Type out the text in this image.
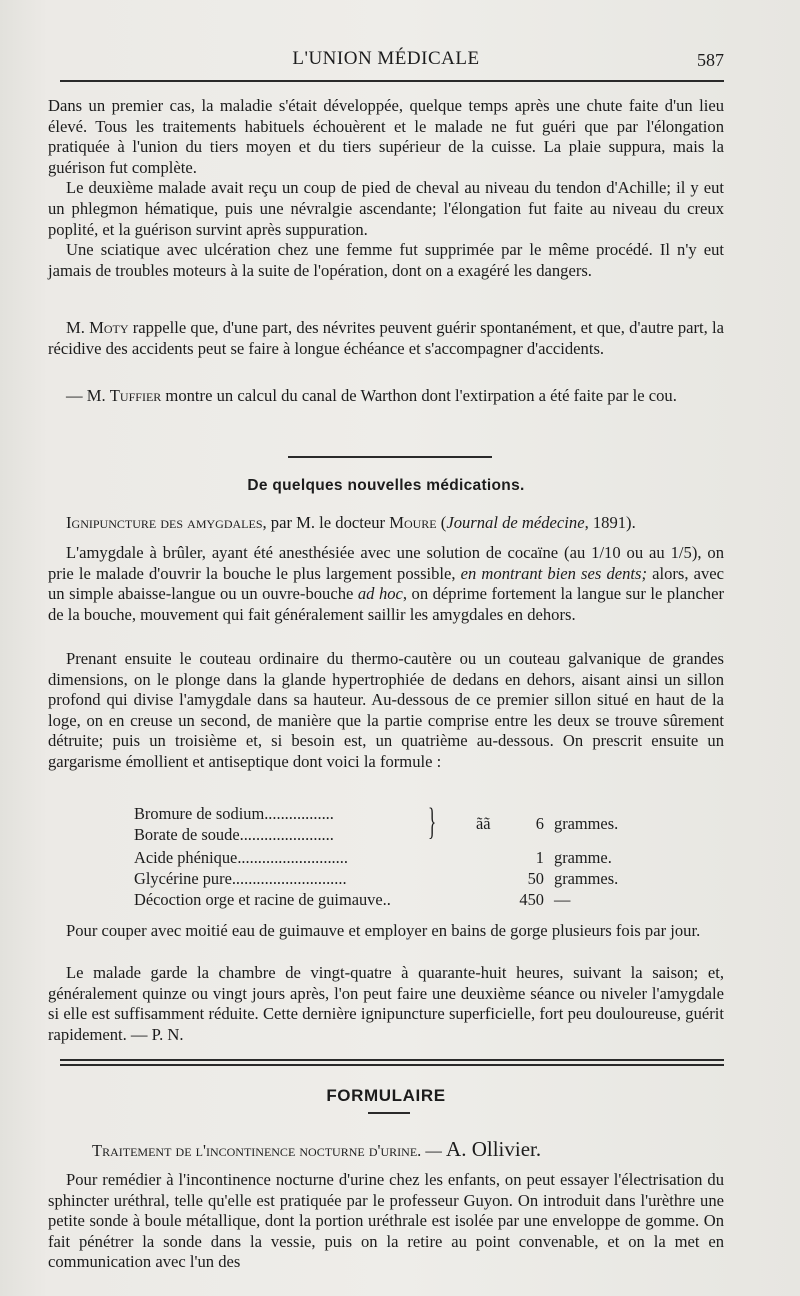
L'UNION MÉDICALE	587

Dans un premier cas, la maladie s'était développée, quelque temps après une chute faite d'un lieu élevé. Tous les traitements habituels échouèrent et le malade ne fut guéri que par l'élongation pratiquée à l'union du tiers moyen et du tiers supérieur de la cuisse. La plaie suppura, mais la guérison fut complète.

Le deuxième malade avait reçu un coup de pied de cheval au niveau du tendon d'Achille; il y eut un phlegmon hématique, puis une névralgie ascendante; l'élongation fut faite au niveau du creux poplité, et la guérison survint après suppuration.

Une sciatique avec ulcération chez une femme fut supprimée par le même procédé. Il n'y eut jamais de troubles moteurs à la suite de l'opération, dont on a exagéré les dangers.

M. Moty rappelle que, d'une part, des névrites peuvent guérir spontanément, et que, d'autre part, la récidive des accidents peut se faire à longue échéance et s'accompagner d'accidents.

— M. Tuffier montre un calcul du canal de Warthon dont l'extirpation a été faite par le cou.

De quelques nouvelles médications.

Ignipuncture des amygdales, par M. le docteur Moure (Journal de médecine, 1891).

L'amygdale à brûler, ayant été anesthésiée avec une solution de cocaïne (au 1/10 ou au 1/5), on prie le malade d'ouvrir la bouche le plus largement possible, en montrant bien ses dents; alors, avec un simple abaisse-langue ou un ouvre-bouche ad hoc, on déprime fortement la langue sur le plancher de la bouche, mouvement qui fait généralement saillir les amygdales en dehors.

Prenant ensuite le couteau ordinaire du thermo-cautère ou un couteau galvanique de grandes dimensions, on le plonge dans la glande hypertrophiée de dedans en dehors, aisant ainsi un sillon profond qui divise l'amygdale dans sa hauteur. Au-dessous de ce premier sillon situé en haut de la loge, on en creuse un second, de manière que la partie comprise entre les deux se trouve sûrement détruite; puis un troisième et, si besoin est, un quatrième au-dessous. On prescrit ensuite un gargarisme émollient et antiseptique dont voici la formule :

Bromure de sodium.................
Borate de soude....................... } ãã	6 grammes.
Acide phénique...........................	1 gramme.
Glycérine pure............................	50 grammes.
Décoction orge et racine de guimauve..	450 —

Pour couper avec moitié eau de guimauve et employer en bains de gorge plusieurs fois par jour.

Le malade garde la chambre de vingt-quatre à quarante-huit heures, suivant la saison; et, généralement quinze ou vingt jours après, l'on peut faire une deuxième séance ou niveler l'amygdale si elle est suffisamment réduite. Cette dernière ignipuncture superficielle, fort peu douloureuse, guérit rapidement. — P. N.

FORMULAIRE
Traitement de l'incontinence nocturne d'urine. — A. Ollivier.

Pour remédier à l'incontinence nocturne d'urine chez les enfants, on peut essayer l'électrisation du sphincter uréthral, telle qu'elle est pratiquée par le professeur Guyon. On introduit dans l'urèthre une petite sonde à boule métallique, dont la portion uréthrale est isolée par une enveloppe de gomme. On fait pénétrer la sonde dans la vessie, puis on la retire au point convenable, et on la met en communication avec l'un des
